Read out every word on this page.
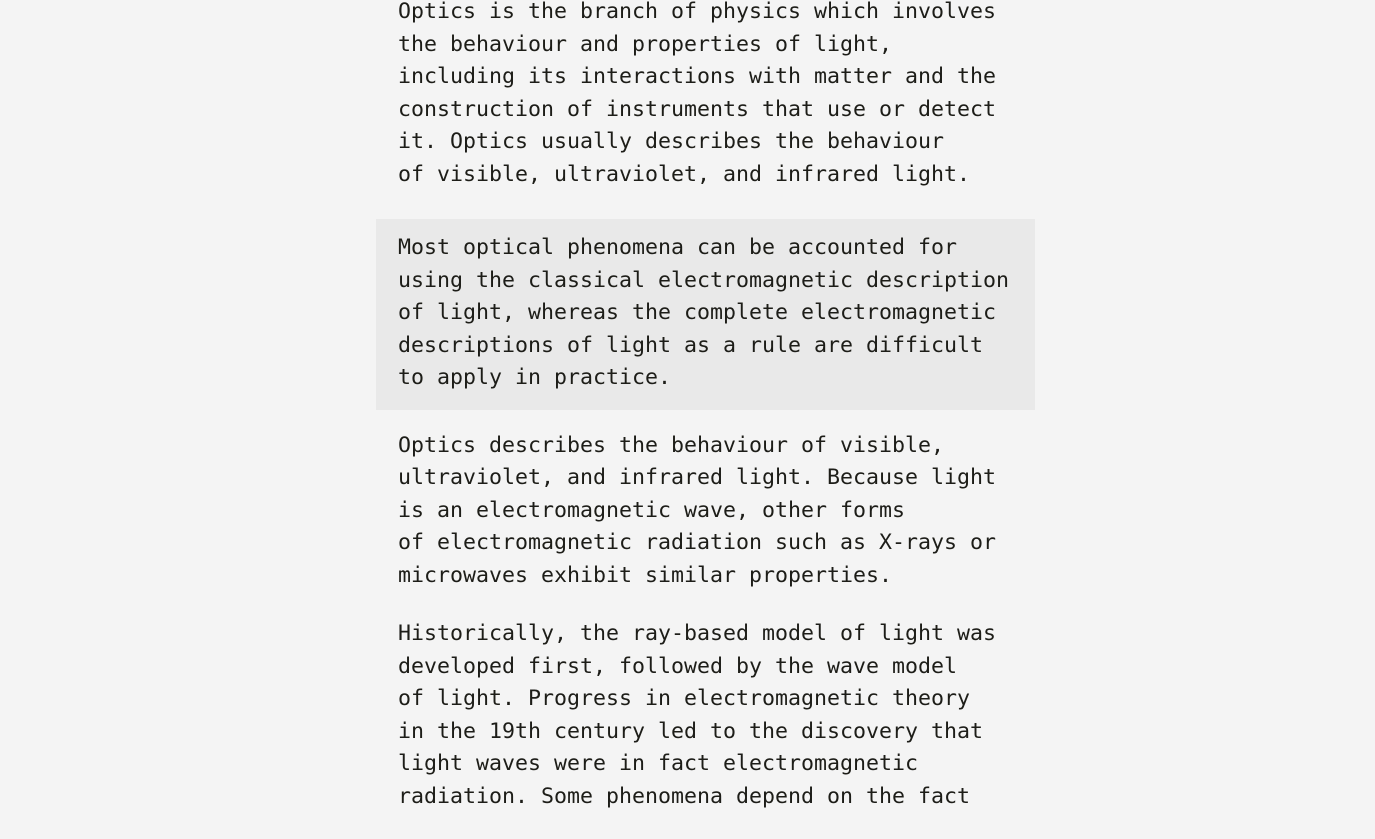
Optics is the branch of physics which involves
the behaviour and properties of light,
including its interactions with matter and the
construction of instruments that use or detect
it. Optics usually describes the behaviour
of visible, ultraviolet, and infrared light.
Most optical phenomena can be accounted for
using the classical electromagnetic description
of light, whereas the complete electromagnetic
descriptions of light as a rule are difficult
to apply in practice.
Optics describes the behaviour of visible,
ultraviolet, and infrared light. Because light
is an electromagnetic wave, other forms
of electromagnetic radiation such as X-rays or
microwaves exhibit similar properties.
Historically, the ray-based model of light was
developed first, followed by the wave model
of light. Progress in electromagnetic theory
in the 19th century led to the discovery that
light waves were in fact electromagnetic
radiation. Some phenomena depend on the fact
